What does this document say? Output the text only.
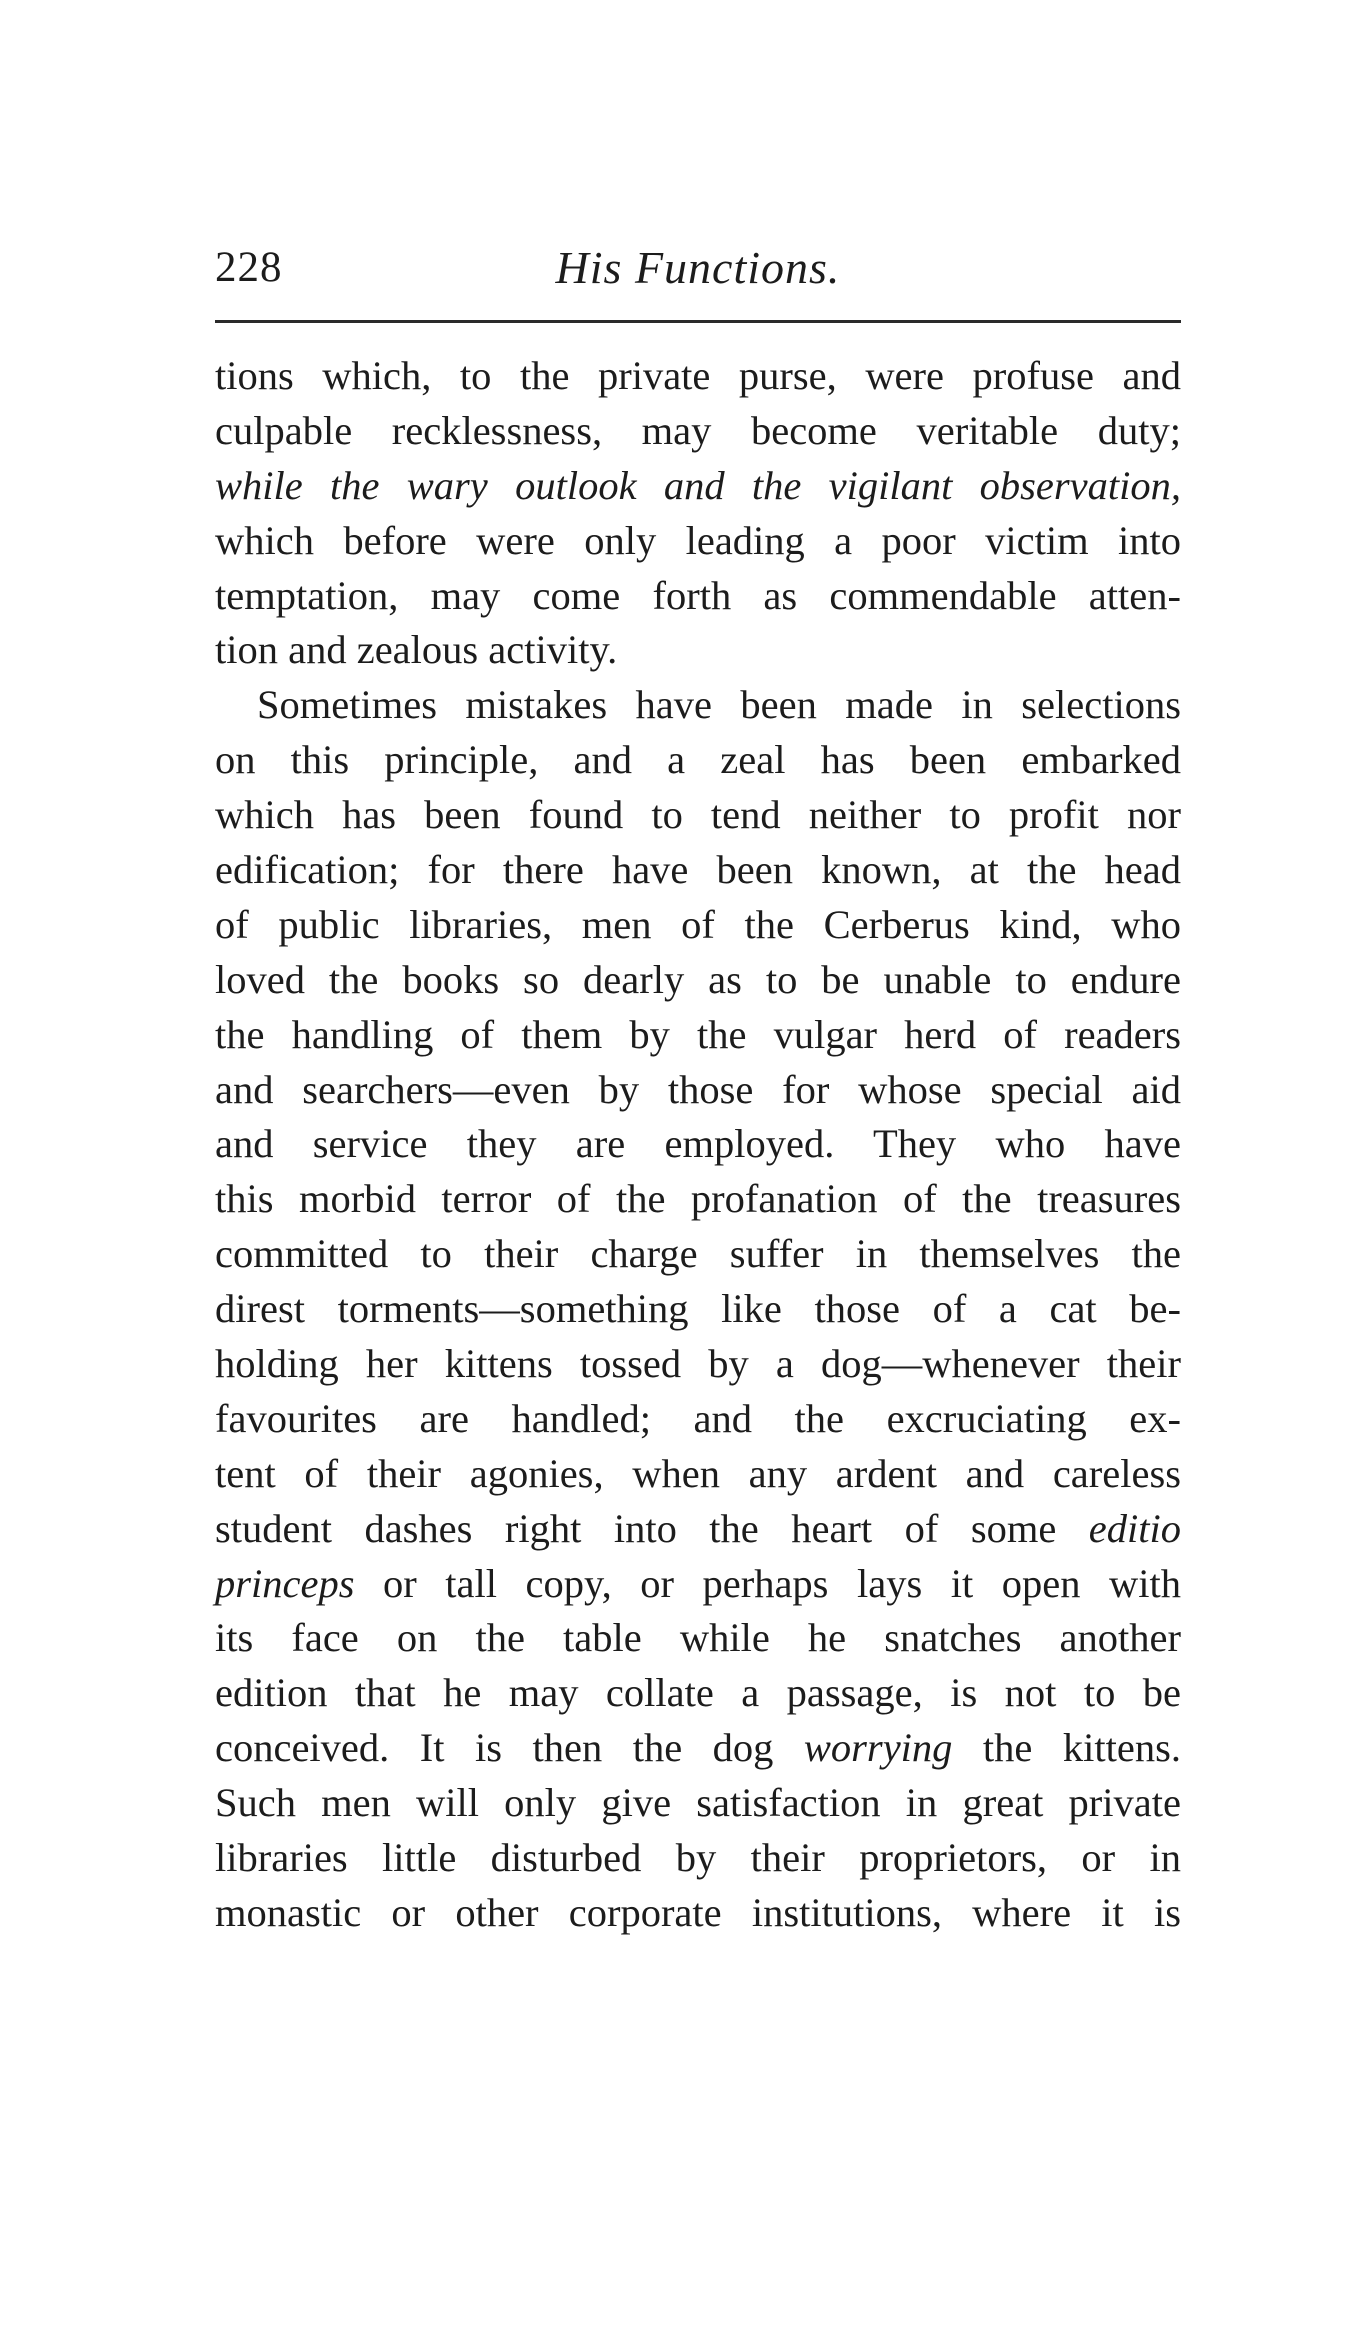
228	His Functions.
tions which, to the private purse, were profuse and
culpable recklessness, may become veritable duty;
while the wary outlook and the vigilant observation,
which before were only leading a poor victim into
temptation, may come forth as commendable atten-
tion and zealous activity.
Sometimes mistakes have been made in selections
on this principle, and a zeal has been embarked
which has been found to tend neither to profit nor
edification; for there have been known, at the head
of public libraries, men of the Cerberus kind, who
loved the books so dearly as to be unable to endure
the handling of them by the vulgar herd of readers
and searchers—even by those for whose special aid
and service they are employed. They who have
this morbid terror of the profanation of the treasures
committed to their charge suffer in themselves the
direst torments—something like those of a cat be-
holding her kittens tossed by a dog—whenever their
favourites are handled; and the excruciating ex-
tent of their agonies, when any ardent and careless
student dashes right into the heart of some editio
princeps or tall copy, or perhaps lays it open with
its face on the table while he snatches another
edition that he may collate a passage, is not to be
conceived. It is then the dog worrying the kittens.
Such men will only give satisfaction in great private
libraries little disturbed by their proprietors, or in
monastic or other corporate institutions, where it is
